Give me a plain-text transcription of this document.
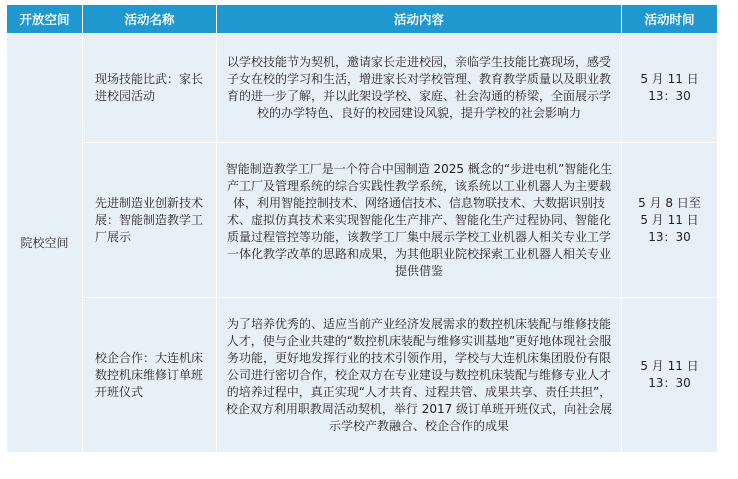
开放空间	活动名称	活动内容	活动时间
院校空间	现场技能比武：家长进校园活动	以学校技能节为契机，邀请家长走进校园，亲临学生技能比赛现场，感受子女在校的学习和生活，增进家长对学校管理、教育教学质量以及职业教育的进一步了解，并以此架设学校、家庭、社会沟通的桥梁，全面展示学校的办学特色、良好的校园建设风貌，提升学校的社会影响力	5 月 11 日
13：30
	先进制造业创新技术展：智能制造教学工厂展示	智能制造教学工厂是一个符合中国制造 2025 概念的“步进电机”智能化生产工厂及管理系统的综合实践性教学系统，该系统以工业机器人为主要载体，利用智能控制技术、网络通信技术、信息物联技术、大数据识别技术、虚拟仿真技术来实现智能化生产排产、智能化生产过程协同、智能化质量过程管控等功能，该教学工厂集中展示学校工业机器人相关专业工学一体化教学改革的思路和成果，为其他职业院校探索工业机器人相关专业提供借鉴	5 月 8 日至
5 月 11 日
13：30
	校企合作：大连机床数控机床维修订单班开班仪式	为了培养优秀的、适应当前产业经济发展需求的数控机床装配与维修技能人才，使与企业共建的“数控机床装配与维修实训基地”更好地体现社会服务功能，更好地发挥行业的技术引领作用，学校与大连机床集团股份有限公司进行密切合作，校企双方在专业建设与数控机床装配与维修专业人才的培养过程中，真正实现“人才共育、过程共管、成果共享、责任共担”，校企双方利用职教周活动契机，举行 2017 级订单班开班仪式，向社会展示学校产教融合、校企合作的成果	5 月 11 日
13：30
